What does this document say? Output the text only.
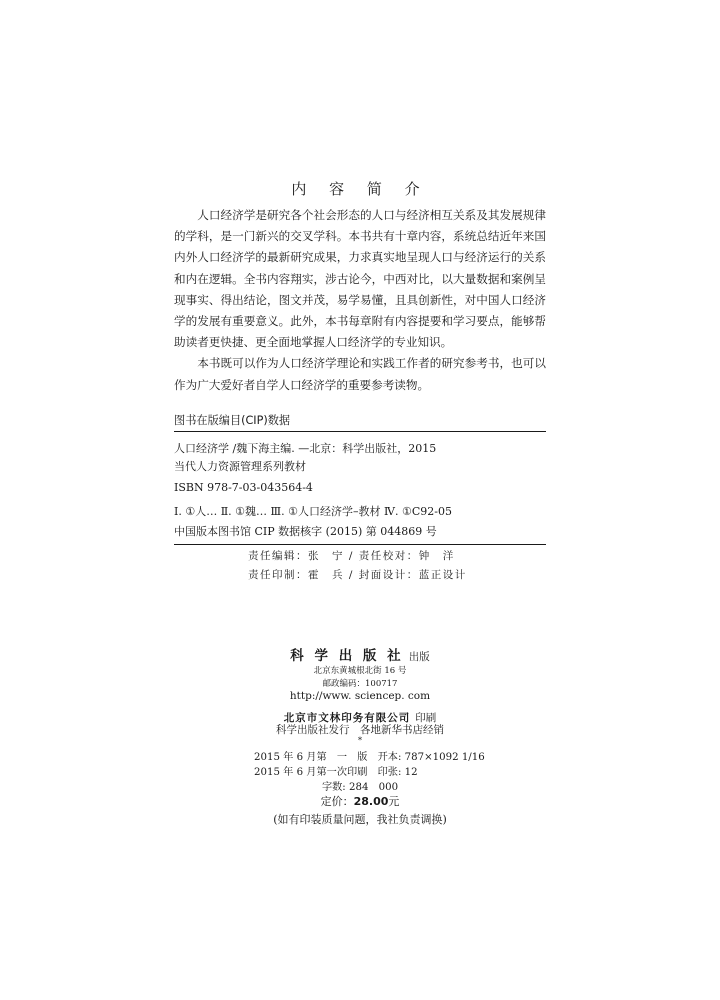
内 容 简 介

人口经济学是研究各个社会形态的人口与经济相互关系及其发展规律的学科，是一门新兴的交叉学科。本书共有十章内容，系统总结近年来国内外人口经济学的最新研究成果，力求真实地呈现人口与经济运行的关系和内在逻辑。全书内容翔实，涉古论今，中西对比，以大量数据和案例呈现事实、得出结论，图文并茂，易学易懂，且具创新性，对中国人口经济学的发展有重要意义。此外，本书每章附有内容提要和学习要点，能够帮助读者更快捷、更全面地掌握人口经济学的专业知识。

本书既可以作为人口经济学理论和实践工作者的研究参考书，也可以作为广大爱好者自学人口经济学的重要参考读物。

图书在版编目(CIP)数据
人口经济学 /魏下海主编. —北京：科学出版社，2015
当代人力资源管理系列教材
ISBN 978-7-03-043564-4
Ⅰ. ①人… Ⅱ. ①魏… Ⅲ. ①人口经济学–教材 Ⅳ. ①C92-05
中国版本图书馆 CIP 数据核字 (2015) 第 044869 号
责任编辑：张　宁 / 责任校对：钟　洋
责任印制：霍　兵 / 封面设计：蓝正设计
科 学 出 版 社 出版
北京东黄城根北街 16 号
邮政编码：100717
http://www. sciencep. com
北京市文林印务有限公司 印刷
科学出版社发行　各地新华书店经销
*
2015 年 6 月第　一　版　开本: 787×1092 1/16
2015 年 6 月第一次印刷　印张: 12
字数: 284　000
定价：28.00元
(如有印装质量问题，我社负责调换)
